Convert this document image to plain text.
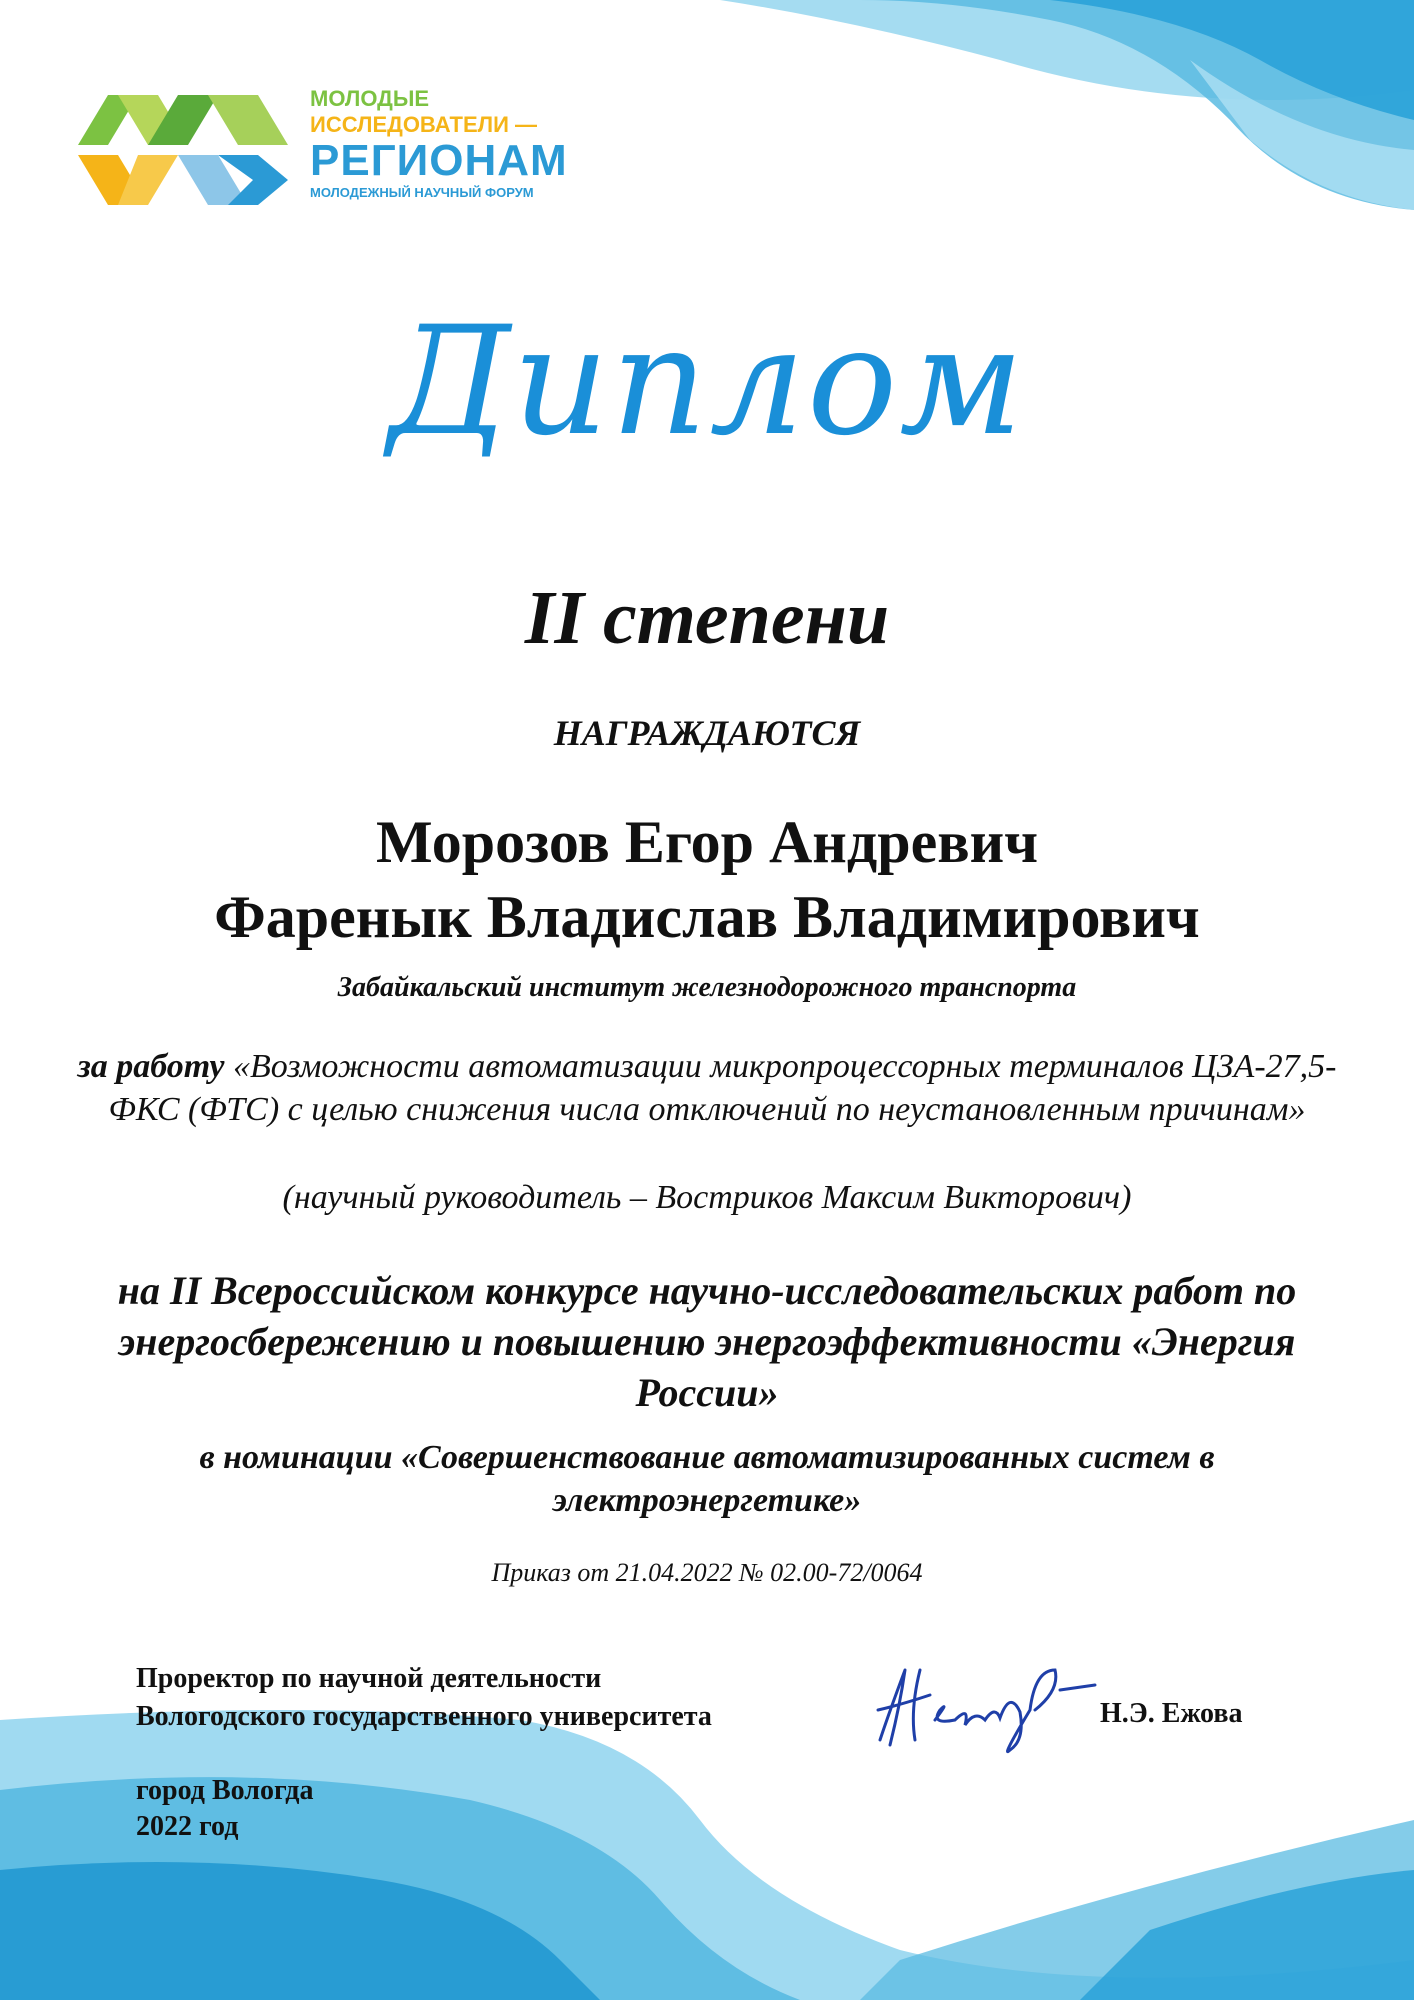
МОЛОДЫЕ
ИССЛЕДОВАТЕЛИ —
РЕГИОНАМ
МОЛОДЕЖНЫЙ НАУЧНЫЙ ФОРУМ
Диплом
II степени
НАГРАЖДАЮТСЯ
Морозов Егор Андревич
Фаренык Владислав Владимирович
Забайкальский институт железнодорожного транспорта
за работу «Возможности автоматизации микропроцессорных терминалов ЦЗА-27,5-ФКС (ФТС) с целью снижения числа отключений по неустановленным причинам»
(научный руководитель – Востриков Максим Викторович)
на II Всероссийском конкурсе научно-исследовательских работ по энергосбережению и повышению энергоэффективности «Энергия России»
в номинации «Совершенствование автоматизированных систем в электроэнергетике»
Приказ от 21.04.2022 № 02.00-72/0064
Проректор по научной деятельности
Вологодского государственного университета	Н.Э. Ежова
город Вологда
2022 год
